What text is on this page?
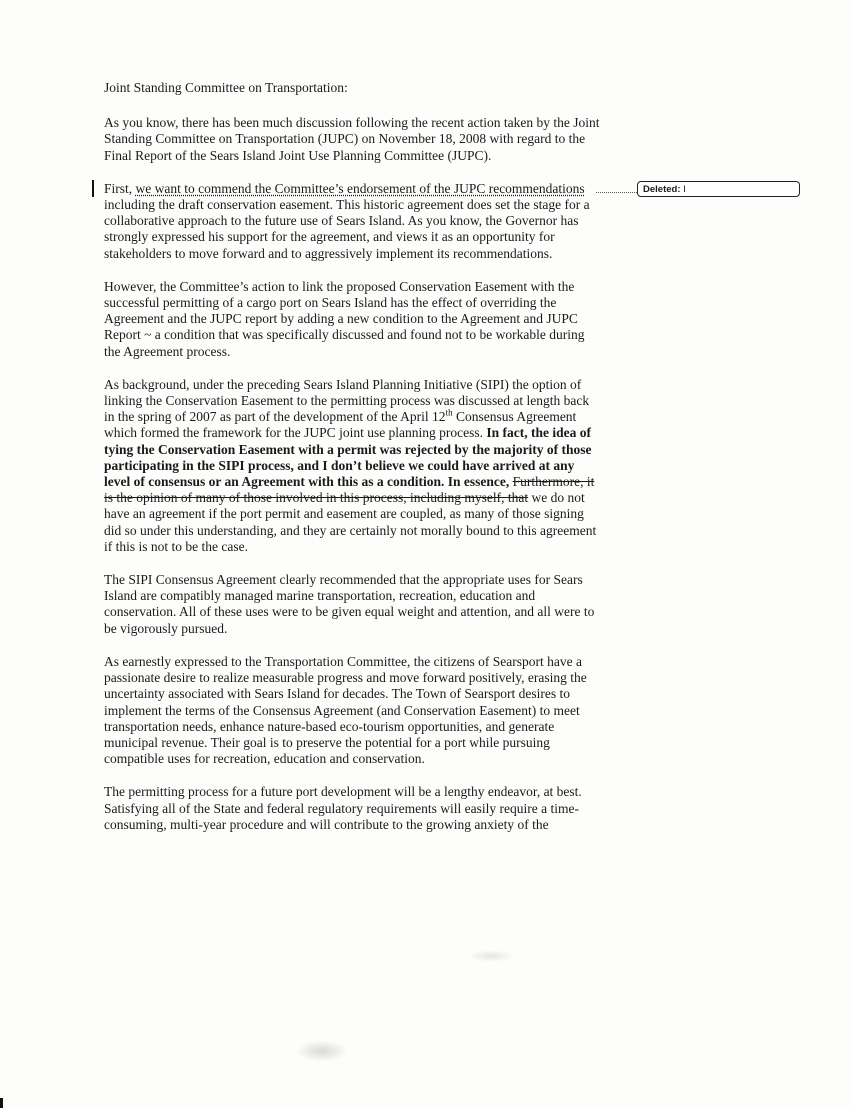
Deleted: I

Joint Standing Committee on Transportation:

As you know, there has been much discussion following the recent action taken by the Joint Standing Committee on Transportation (JUPC) on November 18, 2008 with regard to the Final Report of the Sears Island Joint Use Planning Committee (JUPC).

First, we want to commend the Committee’s endorsement of the JUPC recommendations including the draft conservation easement. This historic agreement does set the stage for a collaborative approach to the future use of Sears Island. As you know, the Governor has strongly expressed his support for the agreement, and views it as an opportunity for stakeholders to move forward and to aggressively implement its recommendations.

However, the Committee’s action to link the proposed Conservation Easement with the successful permitting of a cargo port on Sears Island has the effect of overriding the Agreement and the JUPC report by adding a new condition to the Agreement and JUPC Report ~ a condition that was specifically discussed and found not to be workable during the Agreement process.

As background, under the preceding Sears Island Planning Initiative (SIPI) the option of linking the Conservation Easement to the permitting process was discussed at length back in the spring of 2007 as part of the development of the April 12th Consensus Agreement which formed the framework for the JUPC joint use planning process. In fact, the idea of tying the Conservation Easement with a permit was rejected by the majority of those participating in the SIPI process, and I don’t believe we could have arrived at any level of consensus or an Agreement with this as a condition. In essence, Furthermore, it is the opinion of many of those involved in this process, including myself, that we do not have an agreement if the port permit and easement are coupled, as many of those signing did so under this understanding, and they are certainly not morally bound to this agreement if this is not to be the case.

The SIPI Consensus Agreement clearly recommended that the appropriate uses for Sears Island are compatibly managed marine transportation, recreation, education and conservation. All of these uses were to be given equal weight and attention, and all were to be vigorously pursued.

As earnestly expressed to the Transportation Committee, the citizens of Searsport have a passionate desire to realize measurable progress and move forward positively, erasing the uncertainty associated with Sears Island for decades. The Town of Searsport desires to implement the terms of the Consensus Agreement (and Conservation Easement) to meet transportation needs, enhance nature-based eco-tourism opportunities, and generate municipal revenue. Their goal is to preserve the potential for a port while pursuing compatible uses for recreation, education and conservation.

The permitting process for a future port development will be a lengthy endeavor, at best. Satisfying all of the State and federal regulatory requirements will easily require a time-consuming, multi-year procedure and will contribute to the growing anxiety of the
